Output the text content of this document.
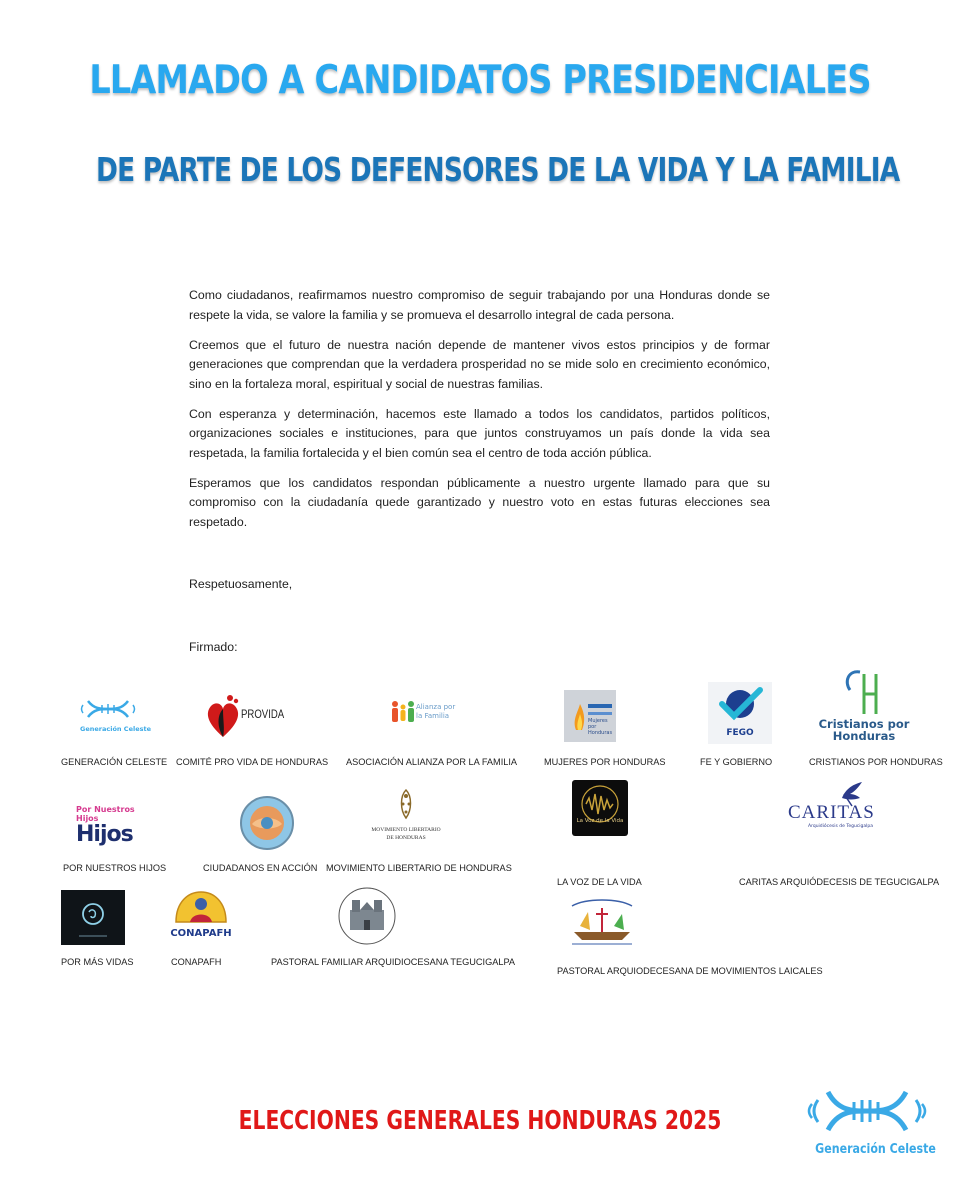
LLAMADO A CANDIDATOS PRESIDENCIALES
DE PARTE DE LOS DEFENSORES DE LA VIDA Y LA FAMILIA

Como ciudadanos, reafirmamos nuestro compromiso de seguir trabajando por una Honduras donde se respete la vida, se valore la familia y se promueva el desarrollo integral de cada persona.

Creemos que el futuro de nuestra nación depende de mantener vivos estos principios y de formar generaciones que comprendan que la verdadera prosperidad no se mide solo en crecimiento económico, sino en la fortaleza moral, espiritual y social de nuestras familias.

Con esperanza y determinación, hacemos este llamado a todos los candidatos, partidos políticos, organizaciones sociales e instituciones, para que juntos construyamos un país donde la vida sea respetada, la familia fortalecida y el bien común sea el centro de toda acción pública.

Esperamos que los candidatos respondan públicamente a nuestro urgente llamado para que su compromiso con la ciudadanía quede garantizado y nuestro voto en estas futuras elecciones sea respetado.

Respetuosamente,
Firmado:
Generación Celeste
GENERACIÓN CELESTE
PROVIDA
COMITÉ PRO VIDA DE HONDURAS
Alianza por la Familia
ASOCIACIÓN ALIANZA POR LA FAMILIA
Mujeres por Honduras
MUJERES POR HONDURAS
FEGO
FE Y GOBIERNO
Cristianos por Honduras
CRISTIANOS POR HONDURAS
Por Nuestros Hijos
Hijos
POR NUESTROS HIJOS	CIUDADANOS EN ACCIÓN
MOVIMIENTO LIBERTARIO DE HONDURAS
MOVIMIENTO LIBERTARIO DE HONDURAS
La Voz de la Vida
LA VOZ DE LA VIDA
CARITAS
Arquidiócesis de Tegucigalpa
CARITAS ARQUIÓDECESIS DE TEGUCIGALPA
POR MÁS VIDAS
CONAPAFH
CONAPAFH	PASTORAL FAMILIAR ARQUIDIOCESANA TEGUCIGALPA
PASTORAL ARQUIODECESANA DE MOVIMIENTOS LAICALES
ELECCIONES GENERALES HONDURAS 2025
Generación Celeste
